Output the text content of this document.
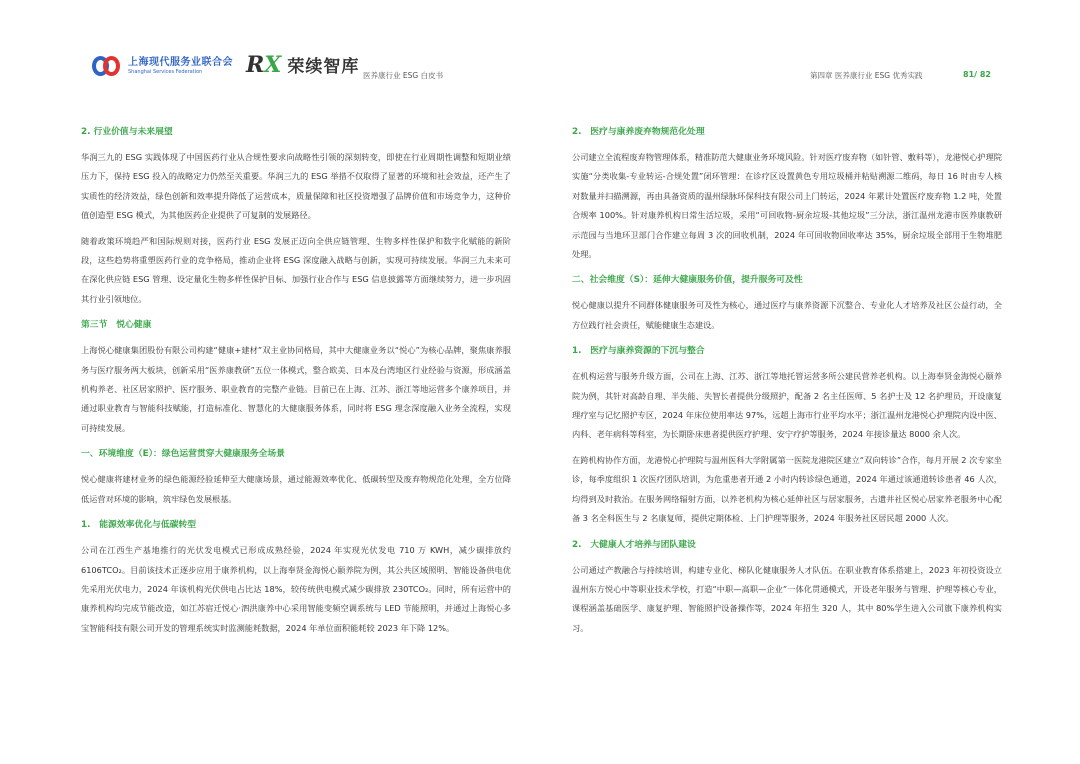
上海现代服务业联合会
Shanghai Services Federation	RX 荣续智库 医养康行业 ESG 白皮书	第四章 医养康行业 ESG 优秀实践	81/ 82
2. 行业价值与未来展望
华润三九的 ESG 实践体现了中国医药行业从合规性要求向战略性引领的深刻转变，即使在行业周期性调整和短期业绩压力下，保持 ESG 投入的战略定力仍然至关重要。华润三九的 ESG 举措不仅取得了显著的环境和社会效益，还产生了实质性的经济效益，绿色创新和效率提升降低了运营成本，质量保障和社区投资增强了品牌价值和市场竞争力，这种价值创造型 ESG 模式，为其他医药企业提供了可复制的发展路径。
随着政策环境趋严和国际规则对接，医药行业 ESG 发展正迈向全供应链管理、生物多样性保护和数字化赋能的新阶段，这些趋势将重塑医药行业的竞争格局，推动企业将 ESG 深度融入战略与创新，实现可持续发展。华润三九未来可在深化供应链 ESG 管理、设定量化生物多样性保护目标、加强行业合作与 ESG 信息披露等方面继续努力，进一步巩固其行业引领地位。
第三节　悦心健康
上海悦心健康集团股份有限公司构建“健康+建材”双主业协同格局，其中大健康业务以“悦心”为核心品牌，聚焦康养服务与医疗服务两大板块，创新采用“医养康教研”五位一体模式，整合欧美、日本及台湾地区行业经验与资源，形成涵盖机构养老、社区居家照护、医疗服务、职业教育的完整产业链。目前已在上海、江苏、浙江等地运营多个康养项目，并通过职业教育与智能科技赋能，打造标准化、智慧化的大健康服务体系，同时将 ESG 理念深度融入业务全流程，实现可持续发展。
一、环境维度（E）：绿色运营贯穿大健康服务全场景
悦心健康将建材业务的绿色能源经验延伸至大健康场景，通过能源效率优化、低碳转型及废弃物规范化处理，全方位降低运营对环境的影响，筑牢绿色发展根基。
1.　能源效率优化与低碳转型
公司在江西生产基地推行的光伏发电模式已形成成熟经验，2024 年实现光伏发电 710 万 KWH，减少碳排放约 6106TCO₂。目前该技术正逐步应用于康养机构，以上海奉贤金海悦心颐养院为例，其公共区域照明、智能设备供电优先采用光伏电力，2024 年该机构光伏供电占比达 18%，较传统供电模式减少碳排放 230TCO₂。同时，所有运营中的康养机构均完成节能改造，如江苏宿迁悦心·泗洪康养中心采用智能变频空调系统与 LED 节能照明，并通过上海悦心多宝智能科技有限公司开发的管理系统实时监测能耗数据，2024 年单位面积能耗较 2023 年下降 12%。
2.　医疗与康养废弃物规范化处理
公司建立全流程废弃物管理体系，精准防范大健康业务环境风险。针对医疗废弃物（如针管、敷料等），龙港悦心护理院实施“分类收集-专业转运-合规处置”闭环管理：在诊疗区设置黄色专用垃圾桶并粘贴溯源二维码，每日 16 时由专人核对数量并扫描溯源，再由具备资质的温州绿脉环保科技有限公司上门转运，2024 年累计处置医疗废弃物 1.2 吨，处置合规率 100%。针对康养机构日常生活垃圾，采用“可回收物-厨余垃圾-其他垃圾”三分法，浙江温州龙港市医养康教研示范园与当地环卫部门合作建立每周 3 次的回收机制，2024 年可回收物回收率达 35%，厨余垃圾全部用于生物堆肥处理。
二、社会维度（S）：延伸大健康服务价值，提升服务可及性
悦心健康以提升不同群体健康服务可及性为核心，通过医疗与康养资源下沉整合、专业化人才培养及社区公益行动，全方位践行社会责任，赋能健康生态建设。
1.　医疗与康养资源的下沉与整合
在机构运营与服务升级方面，公司在上海、江苏、浙江等地托管运营多所公建民营养老机构。以上海奉贤金海悦心颐养院为例，其针对高龄自理、半失能、失智长者提供分级照护，配备 2 名主任医师、5 名护士及 12 名护理员，开设康复理疗室与记忆照护专区，2024 年床位使用率达 97%，远超上海市行业平均水平；浙江温州龙港悦心护理院内设中医、内科、老年病科等科室，为长期卧床患者提供医疗护理、安宁疗护等服务，2024 年接诊量达 8000 余人次。
在跨机构协作方面，龙港悦心护理院与温州医科大学附属第一医院龙港院区建立“双向转诊”合作，每月开展 2 次专家坐诊，每季度组织 1 次医疗团队培训，为危重患者开通 2 小时内转诊绿色通道，2024 年通过该通道转诊患者 46 人次，均得到及时救治。在服务网络辐射方面，以养老机构为核心延伸社区与居家服务，古遗井社区悦心居家养老服务中心配备 3 名全科医生与 2 名康复师，提供定期体检、上门护理等服务，2024 年服务社区居民超 2000 人次。
2.　大健康人才培养与团队建设
公司通过产教融合与持续培训，构建专业化、梯队化健康服务人才队伍。在职业教育体系搭建上，2023 年初投资设立温州东方悦心中等职业技术学校，打造“中职—高职—企业”一体化贯通模式，开设老年服务与管理、护理等核心专业，课程涵盖基础医学、康复护理、智能照护设备操作等，2024 年招生 320 人，其中 80%学生进入公司旗下康养机构实习。
